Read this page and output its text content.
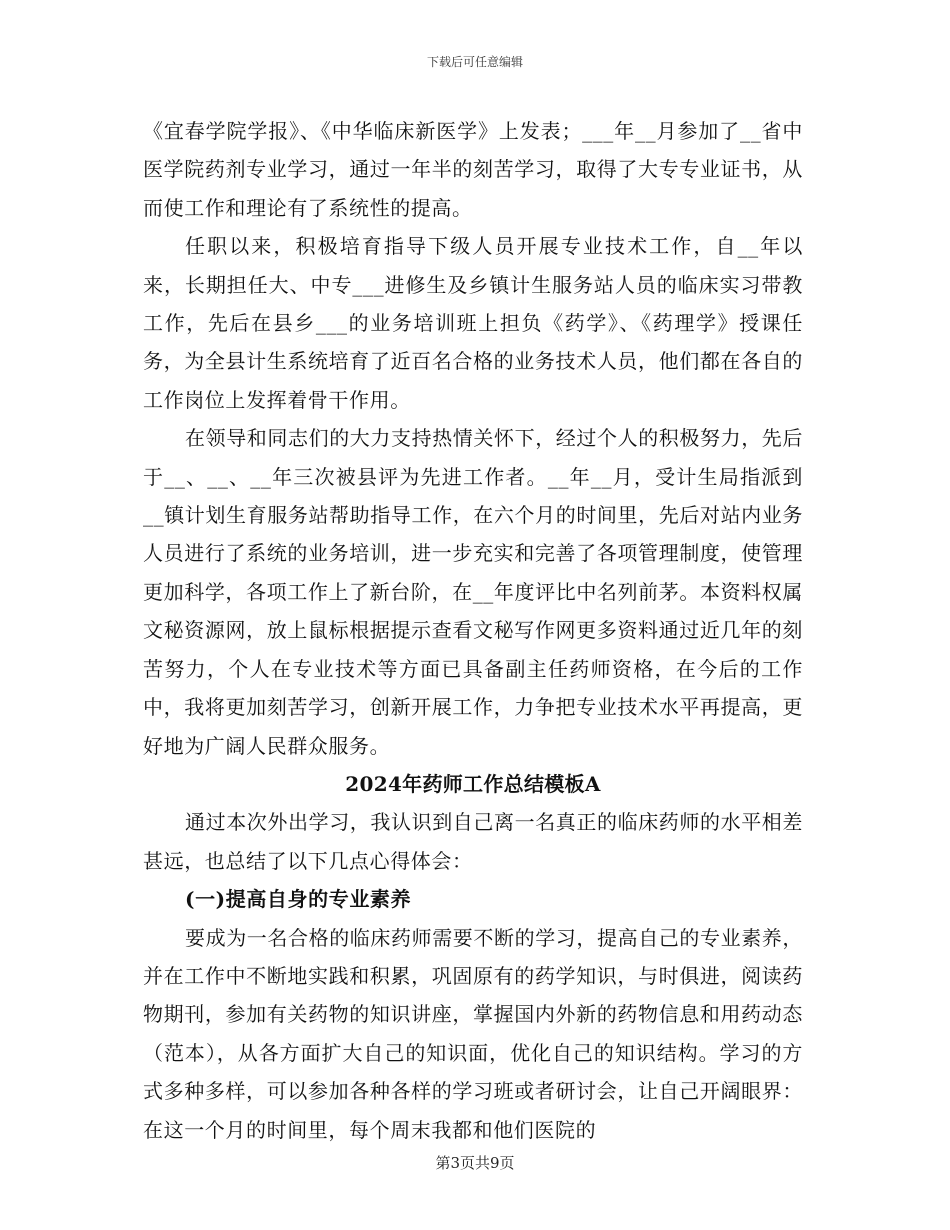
下载后可任意编辑

《宜春学院学报》、《中华临床新医学》上发表；___年__月参加了__省中医学院药剂专业学习，通过一年半的刻苦学习，取得了大专专业证书，从而使工作和理论有了系统性的提高。

任职以来，积极培育指导下级人员开展专业技术工作，自__年以来，长期担任大、中专___进修生及乡镇计生服务站人员的临床实习带教工作，先后在县乡___的业务培训班上担负《药学》、《药理学》授课任务，为全县计生系统培育了近百名合格的业务技术人员，他们都在各自的工作岗位上发挥着骨干作用。

在领导和同志们的大力支持热情关怀下，经过个人的积极努力，先后于__、__、__年三次被县评为先进工作者。__年__月，受计生局指派到__镇计划生育服务站帮助指导工作，在六个月的时间里，先后对站内业务人员进行了系统的业务培训，进一步充实和完善了各项管理制度，使管理更加科学，各项工作上了新台阶，在__年度评比中名列前茅。本资料权属文秘资源网，放上鼠标根据提示查看文秘写作网更多资料通过近几年的刻苦努力，个人在专业技术等方面已具备副主任药师资格，在今后的工作中，我将更加刻苦学习，创新开展工作，力争把专业技术水平再提高，更好地为广阔人民群众服务。

2024年药师工作总结模板A

通过本次外出学习，我认识到自己离一名真正的临床药师的水平相差甚远，也总结了以下几点心得体会：

(一)提高自身的专业素养

要成为一名合格的临床药师需要不断的学习，提高自己的专业素养，并在工作中不断地实践和积累，巩固原有的药学知识，与时俱进，阅读药物期刊，参加有关药物的知识讲座，掌握国内外新的药物信息和用药动态（范本），从各方面扩大自己的知识面，优化自己的知识结构。学习的方式多种多样，可以参加各种各样的学习班或者研讨会，让自己开阔眼界：在这一个月的时间里，每个周末我都和他们医院的

第3页共9页
